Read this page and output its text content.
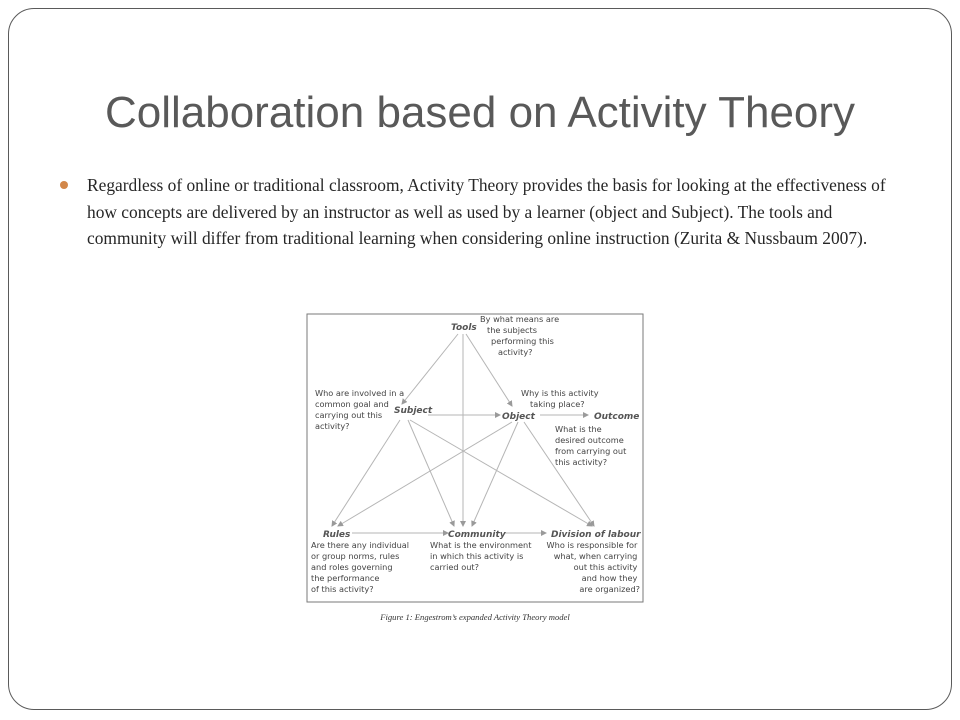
Collaboration based on Activity Theory
Regardless of online or traditional classroom, Activity Theory provides the basis for looking at the effectiveness of how concepts are delivered by an instructor as well as used by a learner (object and Subject). The tools and community will differ from traditional learning when considering online instruction (Zurita & Nussbaum 2007).
Tools
Subject
Object	Outcome
Rules	Community	Division of labour
By what means are the subjects performing this activity?
Who are involved in a common goal and carrying out this activity?
Why is this activity taking place?
What is the desired outcome from carrying out this activity?
Are there any individual or group norms, rules and roles governing the performance of this activity?
What is the environment in which this activity is carried out?
Who is responsible for what, when carrying out this activity and how they are organized?
Figure 1: Engestrom’s expanded Activity Theory model
